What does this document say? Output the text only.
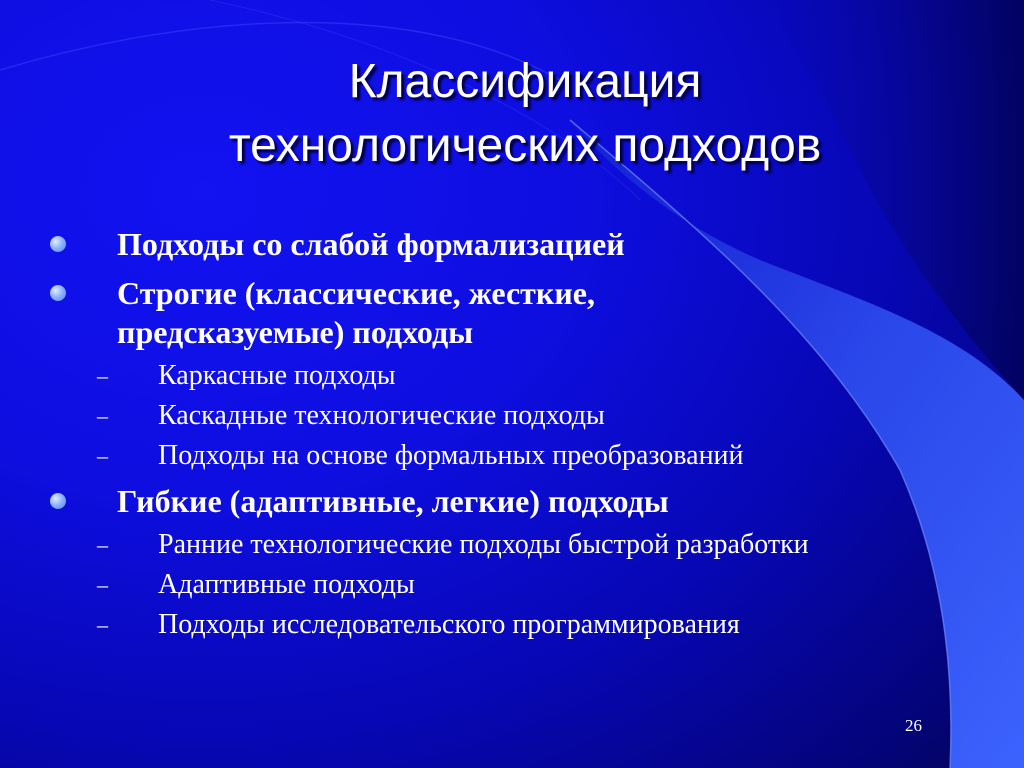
Классификация
технологических подходов
Подходы со слабой формализацией
Строгие (классические, жесткие,
предсказуемые) подходы
– Каркасные подходы
– Каскадные технологические подходы
– Подходы на основе формальных преобразований
Гибкие (адаптивные, легкие) подходы
– Ранние технологические подходы быстрой разработки
– Адаптивные подходы
– Подходы исследовательского программирования
26
